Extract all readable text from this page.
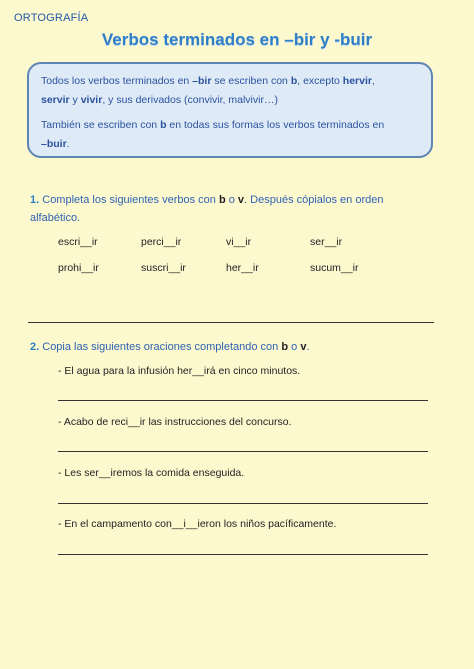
ORTOGRAFÍA
Verbos terminados en –bir y -buir

Todos los verbos terminados en –bir se escriben con b, excepto hervir,
servir y vivir, y sus derivados (convivir, malvivir…)

También se escriben con b en todas sus formas los verbos terminados en
–buir.

1. Completa los siguientes verbos con b o v. Después cópialos en orden
alfabético.
escri__ir	perci__ir	vi__ir	ser__ir
prohi__ir	suscri__ir	her__ir	sucum__ir
2. Copia las siguientes oraciones completando con b o v.
- El agua para la infusión her__irá en cinco minutos.
- Acabo de reci__ir las instrucciones del concurso.
- Les ser__iremos la comida enseguida.
- En el campamento con__i__ieron los niños pacíficamente.
